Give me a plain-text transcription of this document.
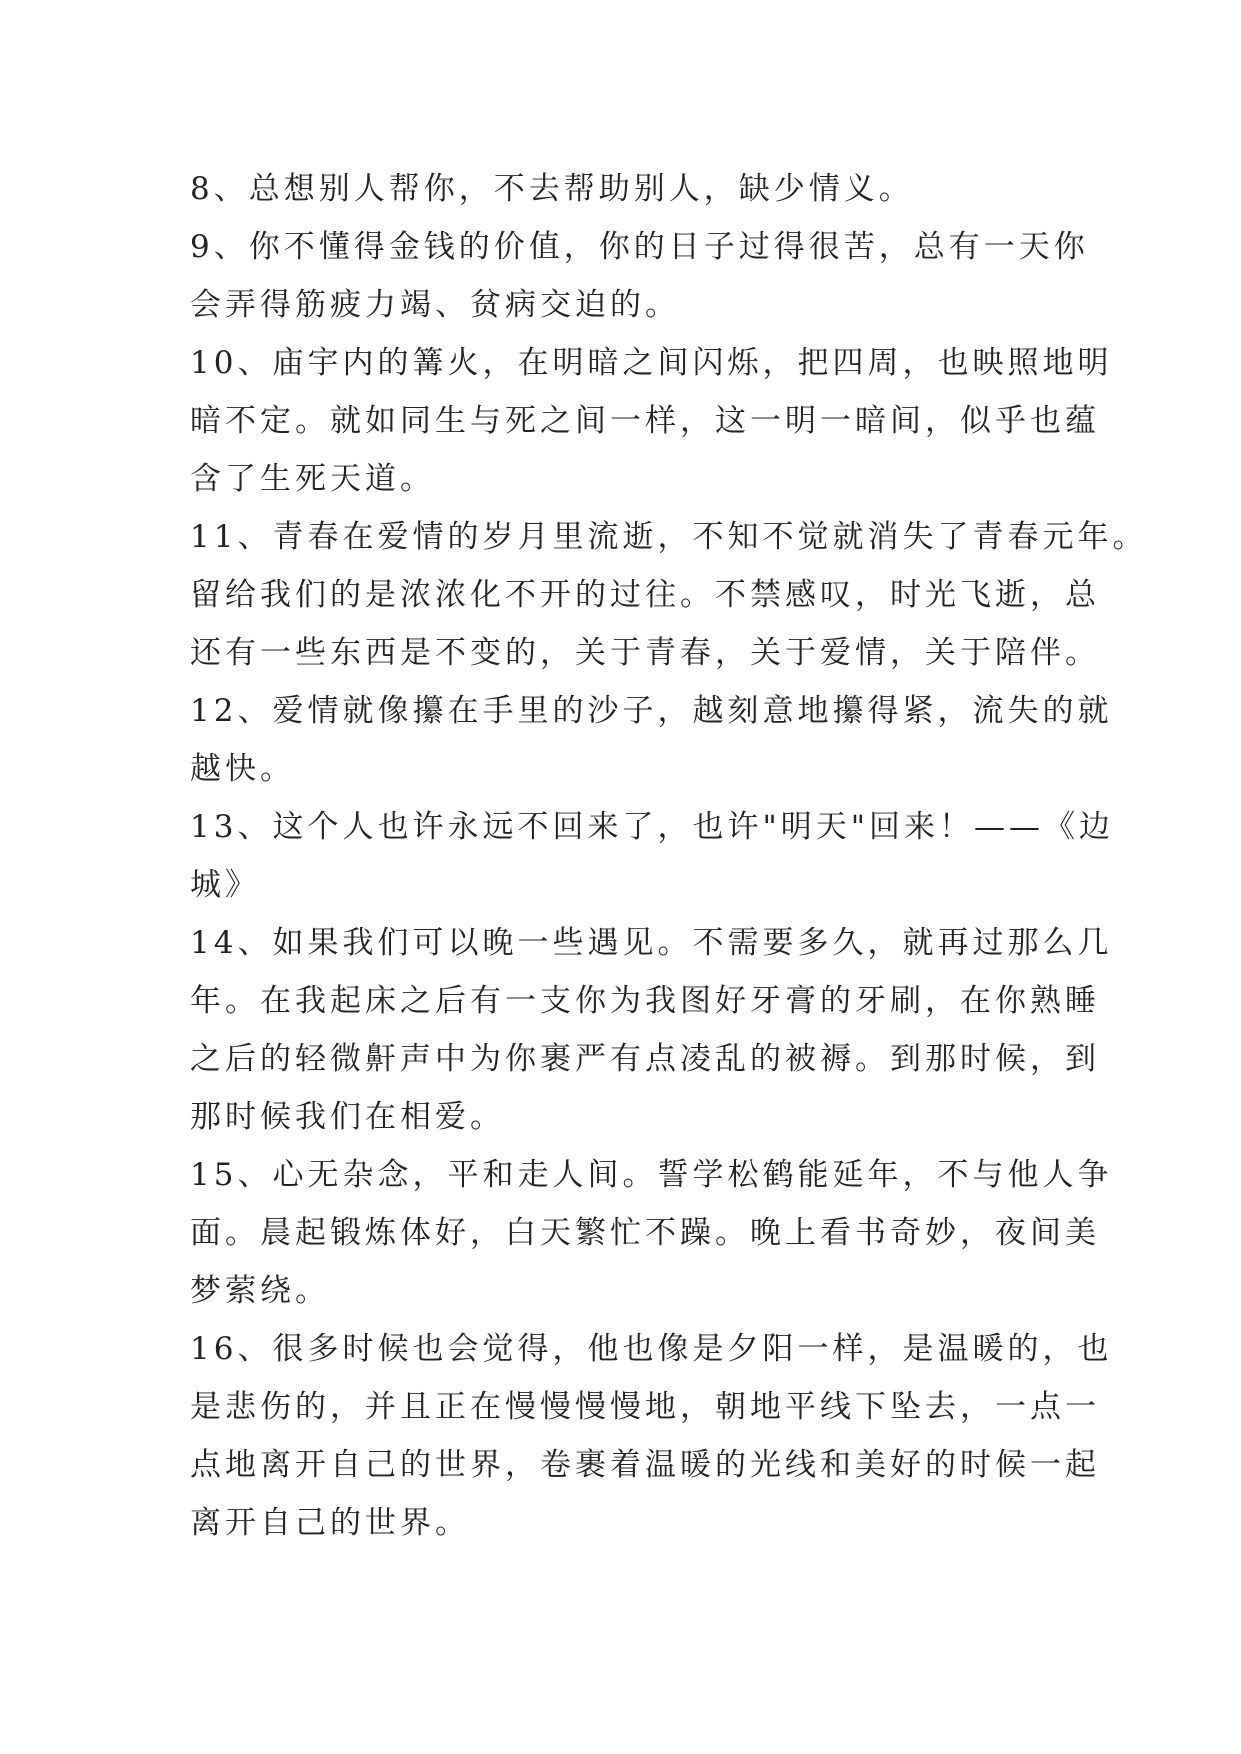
8、总想别人帮你，不去帮助别人，缺少情义。
9、你不懂得金钱的价值，你的日子过得很苦，总有一天你
会弄得筋疲力竭、贫病交迫的。
10、庙宇内的篝火，在明暗之间闪烁，把四周，也映照地明
暗不定。就如同生与死之间一样，这一明一暗间，似乎也蕴
含了生死天道。
11、青春在爱情的岁月里流逝，不知不觉就消失了青春元年。
留给我们的是浓浓化不开的过往。不禁感叹，时光飞逝，总
还有一些东西是不变的，关于青春，关于爱情，关于陪伴。
12、爱情就像攥在手里的沙子，越刻意地攥得紧，流失的就
越快。
13、这个人也许永远不回来了，也许"明天"回来！——《边
城》
14、如果我们可以晚一些遇见。不需要多久，就再过那么几
年。在我起床之后有一支你为我图好牙膏的牙刷，在你熟睡
之后的轻微鼾声中为你裹严有点凌乱的被褥。到那时候，到
那时候我们在相爱。
15、心无杂念，平和走人间。誓学松鹤能延年，不与他人争
面。晨起锻炼体好，白天繁忙不躁。晚上看书奇妙，夜间美
梦萦绕。
16、很多时候也会觉得，他也像是夕阳一样，是温暖的，也
是悲伤的，并且正在慢慢慢慢地，朝地平线下坠去，一点一
点地离开自己的世界，卷裹着温暖的光线和美好的时候一起
离开自己的世界。
